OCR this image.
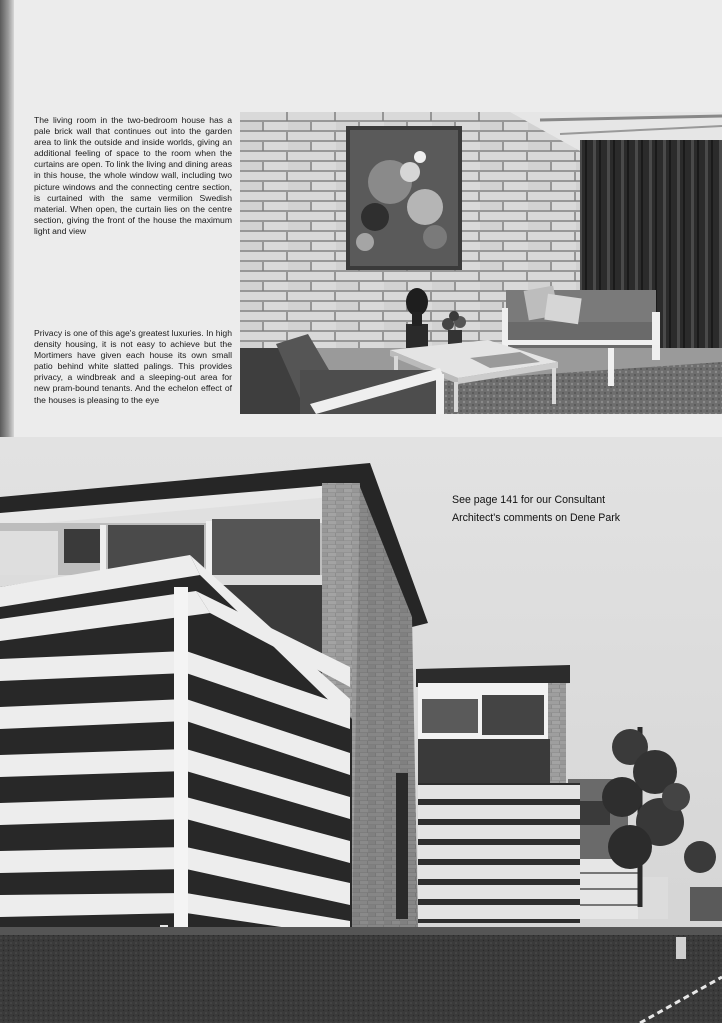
The living room in the two-bedroom house has a pale brick wall that continues out into the garden area to link the outside and inside worlds, giving an additional feeling of space to the room when the curtains are open. To link the living and dining areas in this house, the whole window wall, including two picture windows and the connecting centre section, is curtained with the same vermilion Swedish material. When open, the curtain lies on the centre section, giving the front of the house the maximum light and view

Privacy is one of this age's greatest luxuries. In high density housing, it is not easy to achieve but the Mortimers have given each house its own small patio behind white slatted palings. This provides privacy, a windbreak and a sleeping-out area for new pram-bound tenants. And the echelon effect of the houses is pleasing to the eye

See page 141 for our Consultant
Architect's comments on Dene Park
